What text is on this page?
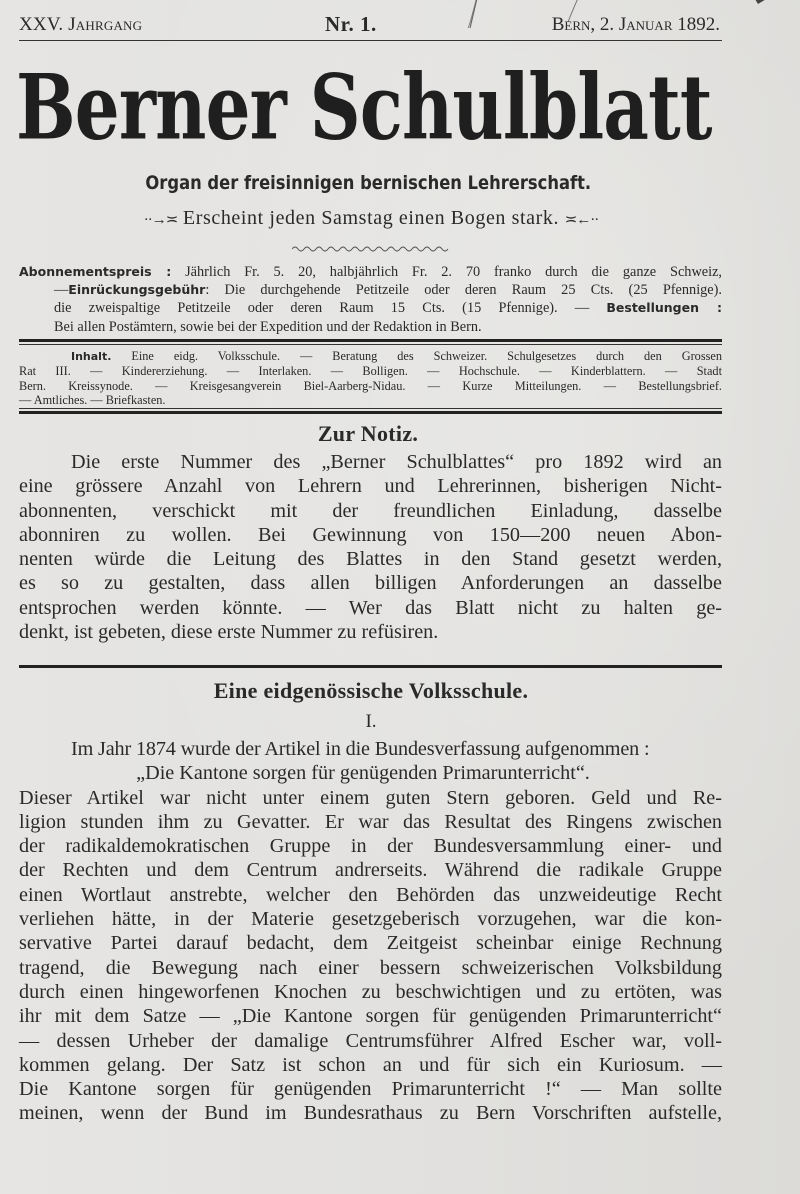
XXV. Jahrgang	Nr. 1.	Bern, 2. Januar 1892.
Berner Schulblatt
Organ der freisinnigen bernischen Lehrerschaft.
··→≍ Erscheint jeden Samstag einen Bogen stark. ≍←··
Abonnementspreis : Jährlich Fr. 5. 20, halbjährlich Fr. 2. 70 franko durch die ganze Schweiz,
—Einrückungsgebühr: Die durchgehende Petitzeile oder deren Raum 25 Cts. (25 Pfennige).
die zweispaltige Petitzeile oder deren Raum 15 Cts. (15 Pfennige). — Bestellungen :
Bei allen Postämtern, sowie bei der Expedition und der Redaktion in Bern.
Inhalt. Eine eidg. Volksschule. — Beratung des Schweizer. Schulgesetzes durch den Grossen
Rat III. — Kindererziehung. — Interlaken. — Bolligen. — Hochschule. — Kinderblattern. — Stadt
Bern. Kreissynode. — Kreisgesangverein Biel-Aarberg-Nidau. — Kurze Mitteilungen. — Bestellungsbrief.
— Amtliches. — Briefkasten.
Zur Notiz.
Die erste Nummer des „Berner Schulblattes“ pro 1892 wird an
eine grössere Anzahl von Lehrern und Lehrerinnen, bisherigen Nicht-
abonnenten, verschickt mit der freundlichen Einladung, dasselbe
abonniren zu wollen. Bei Gewinnung von 150—200 neuen Abon-
nenten würde die Leitung des Blattes in den Stand gesetzt werden,
es so zu gestalten, dass allen billigen Anforderungen an dasselbe
entsprochen werden könnte. — Wer das Blatt nicht zu halten ge-
denkt, ist gebeten, diese erste Nummer zu refüsiren.
Eine eidgenössische Volksschule.
I.
Im Jahr 1874 wurde der Artikel in die Bundesverfassung aufgenommen :
„Die Kantone sorgen für genügenden Primarunterricht“.
Dieser Artikel war nicht unter einem guten Stern geboren. Geld und Re-
ligion stunden ihm zu Gevatter. Er war das Resultat des Ringens zwischen
der radikaldemokratischen Gruppe in der Bundesversammlung einer- und
der Rechten und dem Centrum andrerseits. Während die radikale Gruppe
einen Wortlaut anstrebte, welcher den Behörden das unzweideutige Recht
verliehen hätte, in der Materie gesetzgeberisch vorzugehen, war die kon-
servative Partei darauf bedacht, dem Zeitgeist scheinbar einige Rechnung
tragend, die Bewegung nach einer bessern schweizerischen Volksbildung
durch einen hingeworfenen Knochen zu beschwichtigen und zu ertöten, was
ihr mit dem Satze — „Die Kantone sorgen für genügenden Primarunterricht“
— dessen Urheber der damalige Centrumsführer Alfred Escher war, voll-
kommen gelang. Der Satz ist schon an und für sich ein Kuriosum. —
Die Kantone sorgen für genügenden Primarunterricht !“ — Man sollte
meinen, wenn der Bund im Bundesrathaus zu Bern Vorschriften aufstelle,
